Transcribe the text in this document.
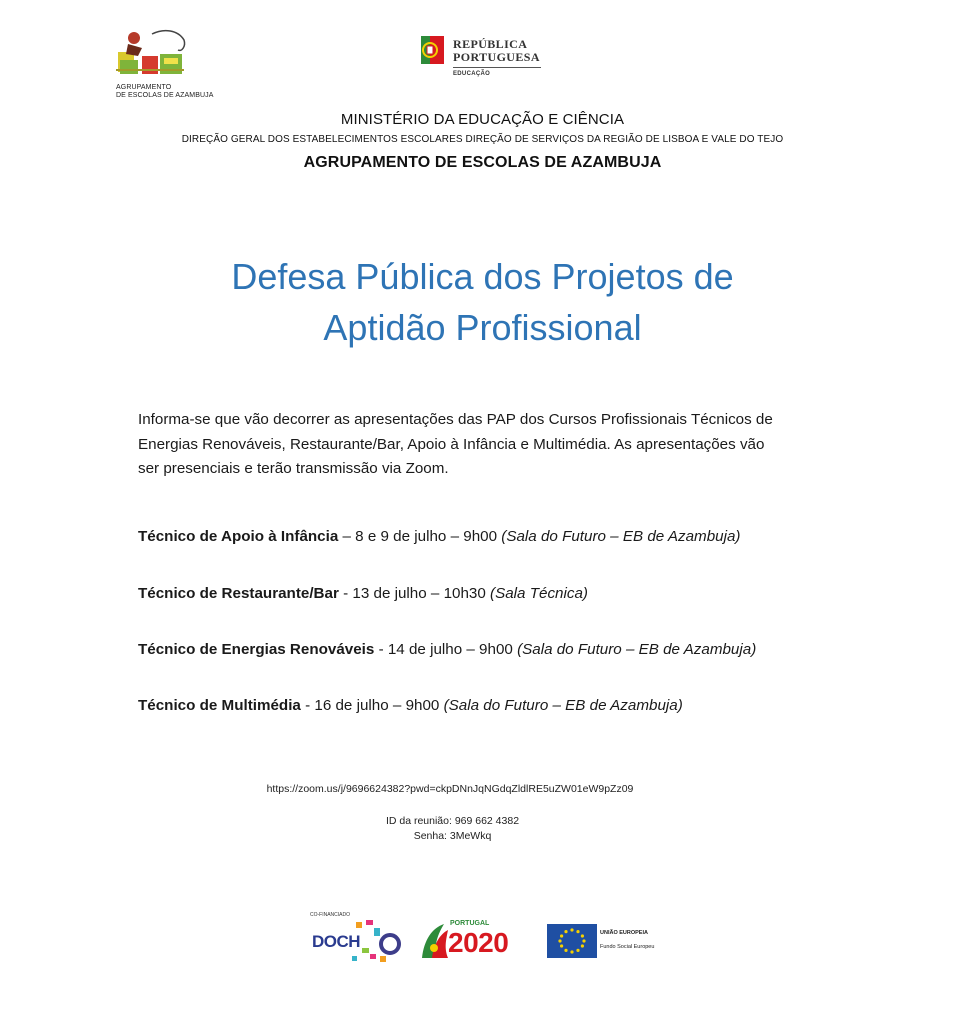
AGRUPAMENTO
DE ESCOLAS DE AZAMBUJA
REPÚBLICA
PORTUGUESA
EDUCAÇÃO
MINISTÉRIO DA EDUCAÇÃO E CIÊNCIA
DIREÇÃO GERAL DOS ESTABELECIMENTOS ESCOLARES DIREÇÃO DE SERVIÇOS DA REGIÃO DE LISBOA E VALE DO TEJO
AGRUPAMENTO DE ESCOLAS DE AZAMBUJA
Defesa Pública dos Projetos de
Aptidão Profissional
Informa-se que vão decorrer as apresentações das PAP dos Cursos Profissionais Técnicos de
Energias Renováveis, Restaurante/Bar, Apoio à Infância e Multimédia. As apresentações vão
ser presenciais e terão transmissão via Zoom.
Técnico de Apoio à Infância – 8 e 9 de julho – 9h00 (Sala do Futuro – EB de Azambuja)
Técnico de Restaurante/Bar - 13 de julho – 10h30 (Sala Técnica)
Técnico de Energias Renováveis - 14 de julho – 9h00 (Sala do Futuro – EB de Azambuja)
Técnico de Multimédia - 16 de julho – 9h00 (Sala do Futuro – EB de Azambuja)
https://zoom.us/j/9696624382?pwd=ckpDNnJqNGdqZldlRE5uZW01eW9pZz09
ID da reunião: 969 662 4382
Senha: 3MeWkq
CO-FINANCIADO
DOCH
PORTUGAL
2020	UNIÃO EUROPEIA
Fundo Social Europeu
